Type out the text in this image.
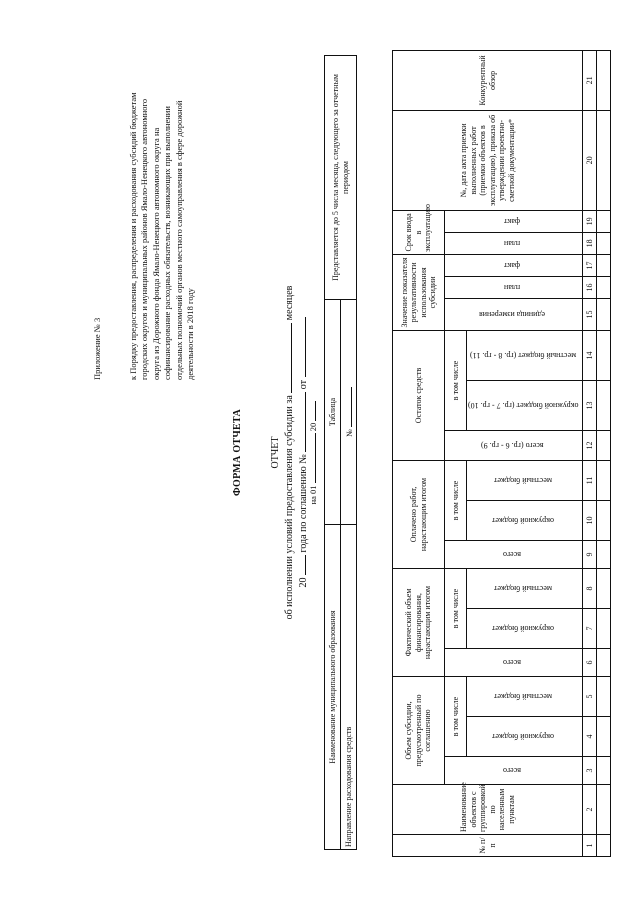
Приложение № 3	к Порядку предоставления, распределения и расходования субсидий бюджетам городских округов и муниципальных районов Ямало-Ненецкого автономного округа из Дорожного фонда Ямало-Ненецкого автономного округа на софинансирование расходных обязательств, возникающих при выполнении отдельных полномочий органов местного самоуправления в сфере дорожной деятельности в 2018 году
ФОРМА ОТЧЕТА	ОТЧЕТ об исполнении условий предоставления субсидии за  месяцев
20  года по соглашению №  от
на 01  20
Наименование муниципального образования	Таблица	Представляется до 5 числа месяца, следующего за отчетным периодом
Направление расходования средств	№	
№ п/п	Наименование объектов с группировкой по населенным пунктам	Объем субсидии, предусмотренный по соглашению			Фактический объем финансирования, нарастающим итогом			Оплачено работ, нарастающим итогом			Остаток средств			Значение показателя результативности использования субсидии			Срок ввода в эксплуатацию		№, дата акта приемки выполненных работ (приемки объектов в эксплуатацию), приказа об утверждении проектно-сметной документации*	Конкурентный обзор
		всего	в том числе		всего	в том числе		всего	в том числе		всего (гр. 6 - гр. 9)	в том числе		единица измерения	план	факт	план	факт		
			окружной бюджет	местный бюджет		окружной бюджет	местный бюджет		окружной бюджет	местный бюджет		окружной бюджет (гр. 7 - гр. 10)	местный бюджет (гр. 8 - гр. 11)							
1	2	3	4	5	6	7	8	9	10	11	12	13	14	15	16	17	18	19	20	21
